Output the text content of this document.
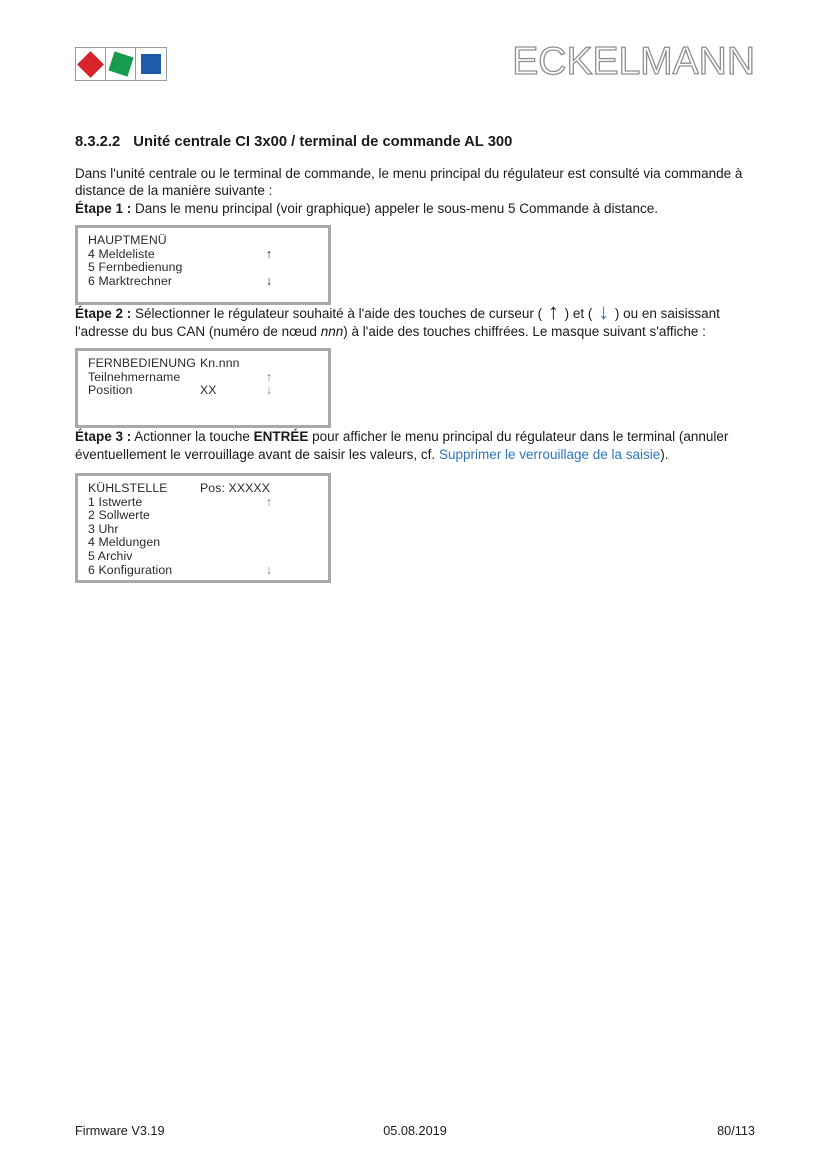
ECKELMANN
8.3.2.2 Unité centrale CI 3x00 / terminal de commande AL 300

Dans l'unité centrale ou le terminal de commande, le menu principal du régulateur est consulté via commande à distance de la manière suivante :

Étape 1 : Dans le menu principal (voir graphique) appeler le sous-menu 5 Commande à distance.

HAUPTMENÜ
4 Meldeliste	↑
5 Fernbedienung
6 Marktrechner	↓

Étape 2 : Sélectionner le régulateur souhaité à l'aide des touches de curseur ( ↑ ) et ( ↓ ) ou en saisissant l'adresse du bus CAN (numéro de nœud nnn) à l'aide des touches chiffrées. Le masque suivant s'affiche :

FERNBEDIENUNG Kn.nnn
Teilnehmername	↑
Position	XX	↓

Étape 3 : Actionner la touche ENTRÉE pour afficher le menu principal du régulateur dans le terminal (annuler éventuellement le verrouillage avant de saisir les valeurs, cf. Supprimer le verrouillage de la saisie).

KÜHLSTELLE	Pos: XXXXX
1 Istwerte	↑
2 Sollwerte
3 Uhr
4 Meldungen
5 Archiv
6 Konfiguration	↓
Firmware V3.19	05.08.2019	80/113
